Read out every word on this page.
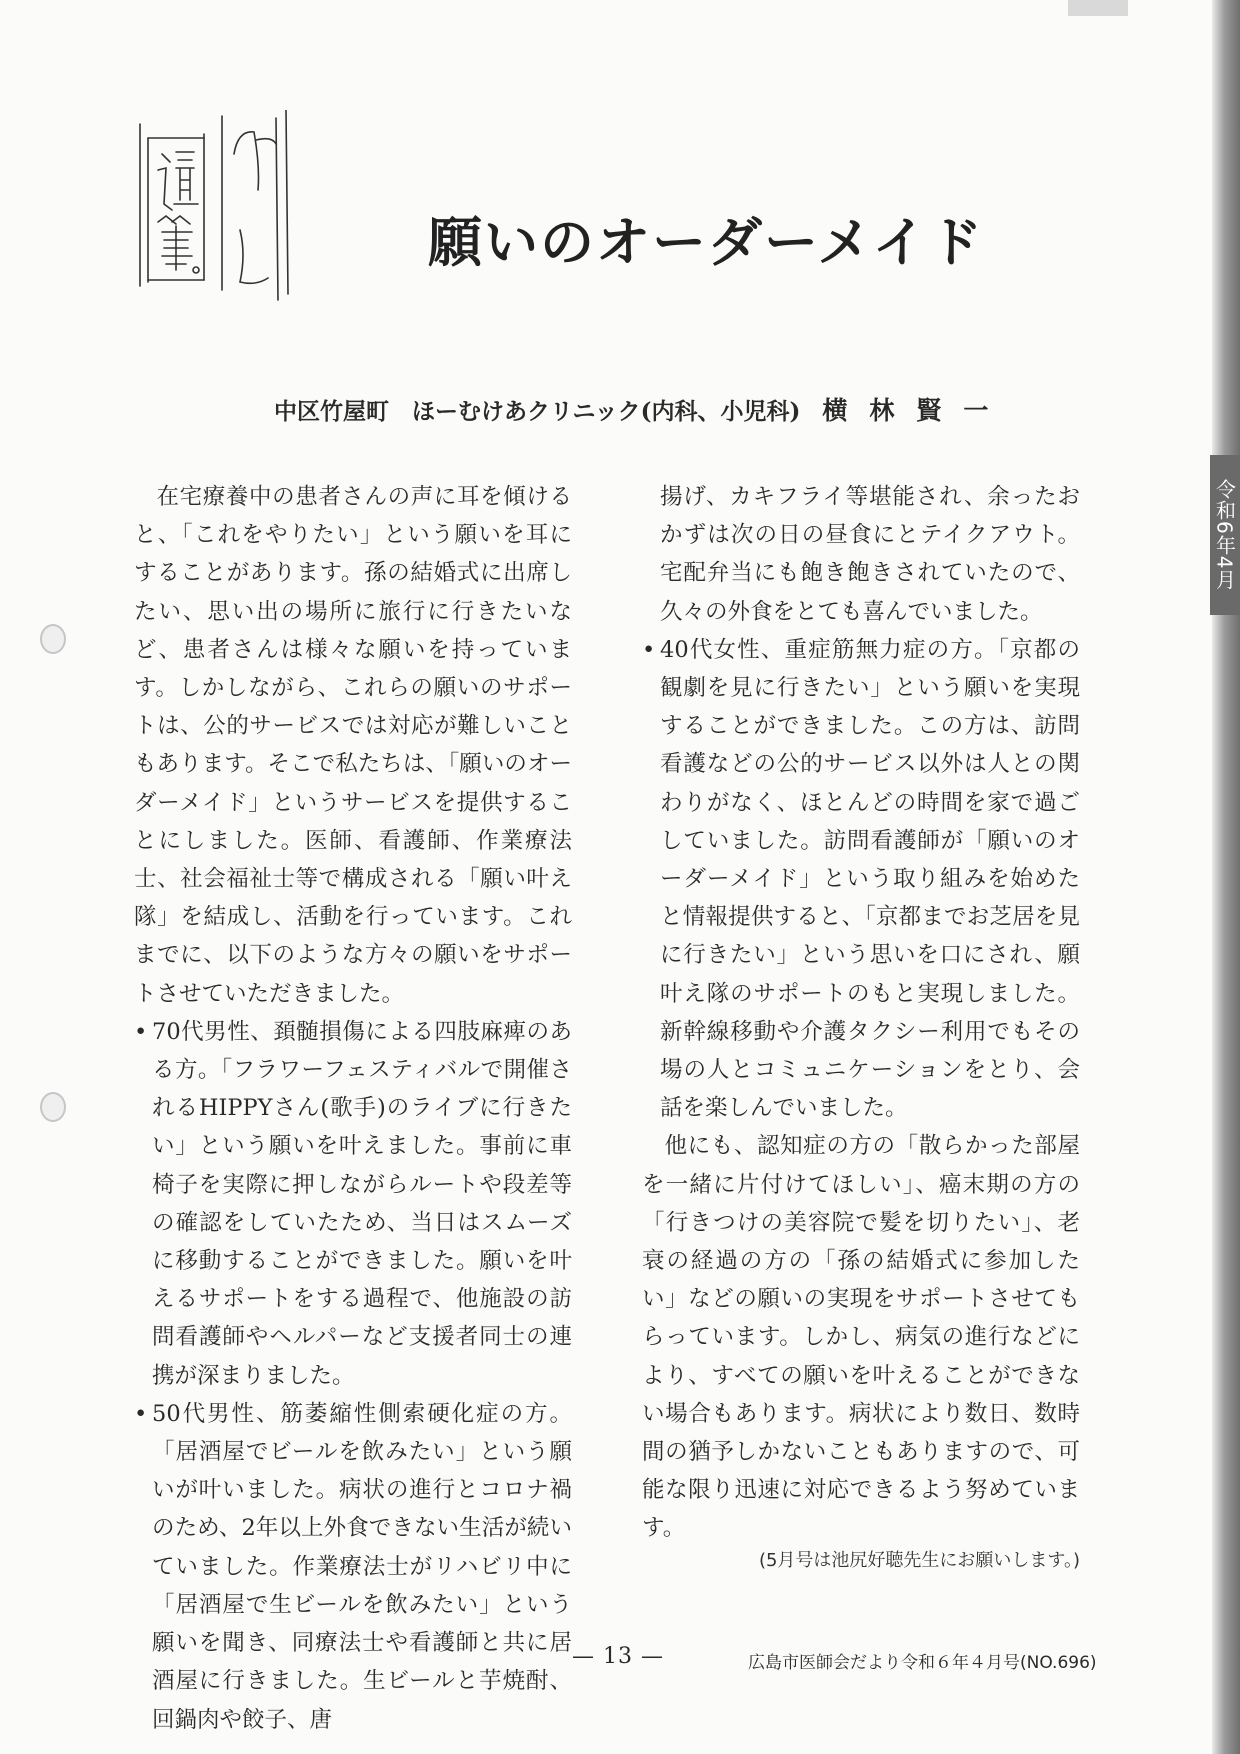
令和6年4月
願いのオーダーメイド
中区竹屋町　ほーむけあクリニック(内科、小児科) 横林賢一

在宅療養中の患者さんの声に耳を傾けると、「これをやりたい」という願いを耳にすることがあります。孫の結婚式に出席したい、思い出の場所に旅行に行きたいなど、患者さんは様々な願いを持っています。しかしながら、これらの願いのサポートは、公的サービスでは対応が難しいこともあります。そこで私たちは、「願いのオーダーメイド」というサービスを提供することにしました。医師、看護師、作業療法士、社会福祉士等で構成される「願い叶え隊」を結成し、活動を行っています。これまでに、以下のような方々の願いをサポートさせていただきました。

• 70代男性、頚髄損傷による四肢麻痺のある方。「フラワーフェスティバルで開催されるHIPPYさん(歌手)のライブに行きたい」という願いを叶えました。事前に車椅子を実際に押しながらルートや段差等の確認をしていたため、当日はスムーズに移動することができました。願いを叶えるサポートをする過程で、他施設の訪問看護師やヘルパーなど支援者同士の連携が深まりました。

• 50代男性、筋萎縮性側索硬化症の方。「居酒屋でビールを飲みたい」という願いが叶いました。病状の進行とコロナ禍のため、2年以上外食できない生活が続いていました。作業療法士がリハビリ中に「居酒屋で生ビールを飲みたい」という願いを聞き、同療法士や看護師と共に居酒屋に行きました。生ビールと芋焼酎、回鍋肉や餃子、唐

揚げ、カキフライ等堪能され、余ったおかずは次の日の昼食にとテイクアウト。宅配弁当にも飽き飽きされていたので、久々の外食をとても喜んでいました。

• 40代女性、重症筋無力症の方。「京都の観劇を見に行きたい」という願いを実現することができました。この方は、訪問看護などの公的サービス以外は人との関わりがなく、ほとんどの時間を家で過ごしていました。訪問看護師が「願いのオーダーメイド」という取り組みを始めたと情報提供すると、「京都までお芝居を見に行きたい」という思いを口にされ、願叶え隊のサポートのもと実現しました。新幹線移動や介護タクシー利用でもその場の人とコミュニケーションをとり、会話を楽しんでいました。

他にも、認知症の方の「散らかった部屋を一緒に片付けてほしい」、癌末期の方の「行きつけの美容院で髪を切りたい」、老衰の経過の方の「孫の結婚式に参加したい」などの願いの実現をサポートさせてもらっています。しかし、病気の進行などにより、すべての願いを叶えることができない場合もあります。病状により数日、数時間の猶予しかないこともありますので、可能な限り迅速に対応できるよう努めています。

(5月号は池尻好聴先生にお願いします。)

— 13 —	広島市医師会だより令和６年４月号(NO.696)
